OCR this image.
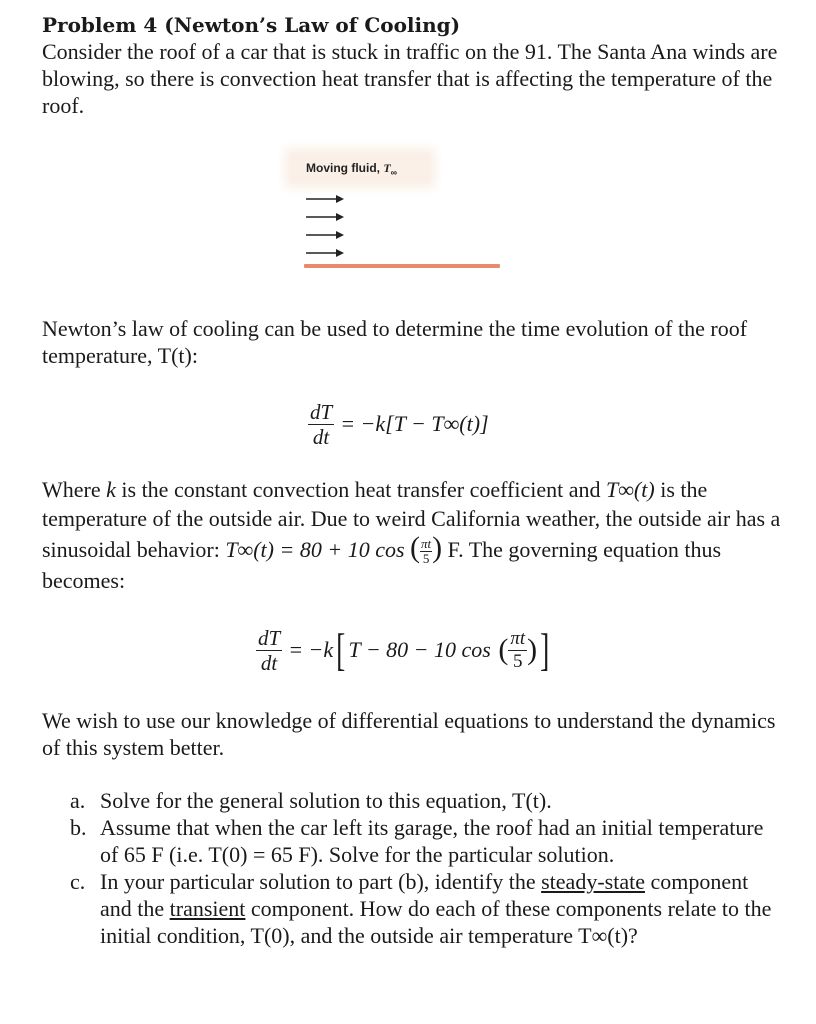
Problem 4 (Newton’s Law of Cooling)

Consider the roof of a car that is stuck in traffic on the 91. The Santa Ana winds are blowing, so there is convection heat transfer that is affecting the temperature of the roof.

Moving fluid, $T_\infty$

Newton’s law of cooling can be used to determine the time evolution of the roof temperature, T(t):

$\frac{dT}{dt} = -k[T - T\infty(t)]$

Where k is the constant convection heat transfer coefficient and T∞(t) is the temperature of the outside air. Due to weird California weather, the outside air has a sinusoidal behavior: T∞(t) = 80 + 10 cos ( $\frac{\pi t}{5}$ ) F. The governing equation thus becomes:

$\frac{dT}{dt} = -k$ [ T − 80 − 10 cos ( $\frac{\pi t}{5}$ ) ]

We wish to use our knowledge of differential equations to understand the dynamics of this system better.

a. Solve for the general solution to this equation, T(t).
b. Assume that when the car left its garage, the roof had an initial temperature of 65 F (i.e. T(0) = 65 F). Solve for the particular solution.
c. In your particular solution to part (b), identify the steady-state component and the transient component. How do each of these components relate to the initial condition, T(0), and the outside air temperature T∞(t)?
